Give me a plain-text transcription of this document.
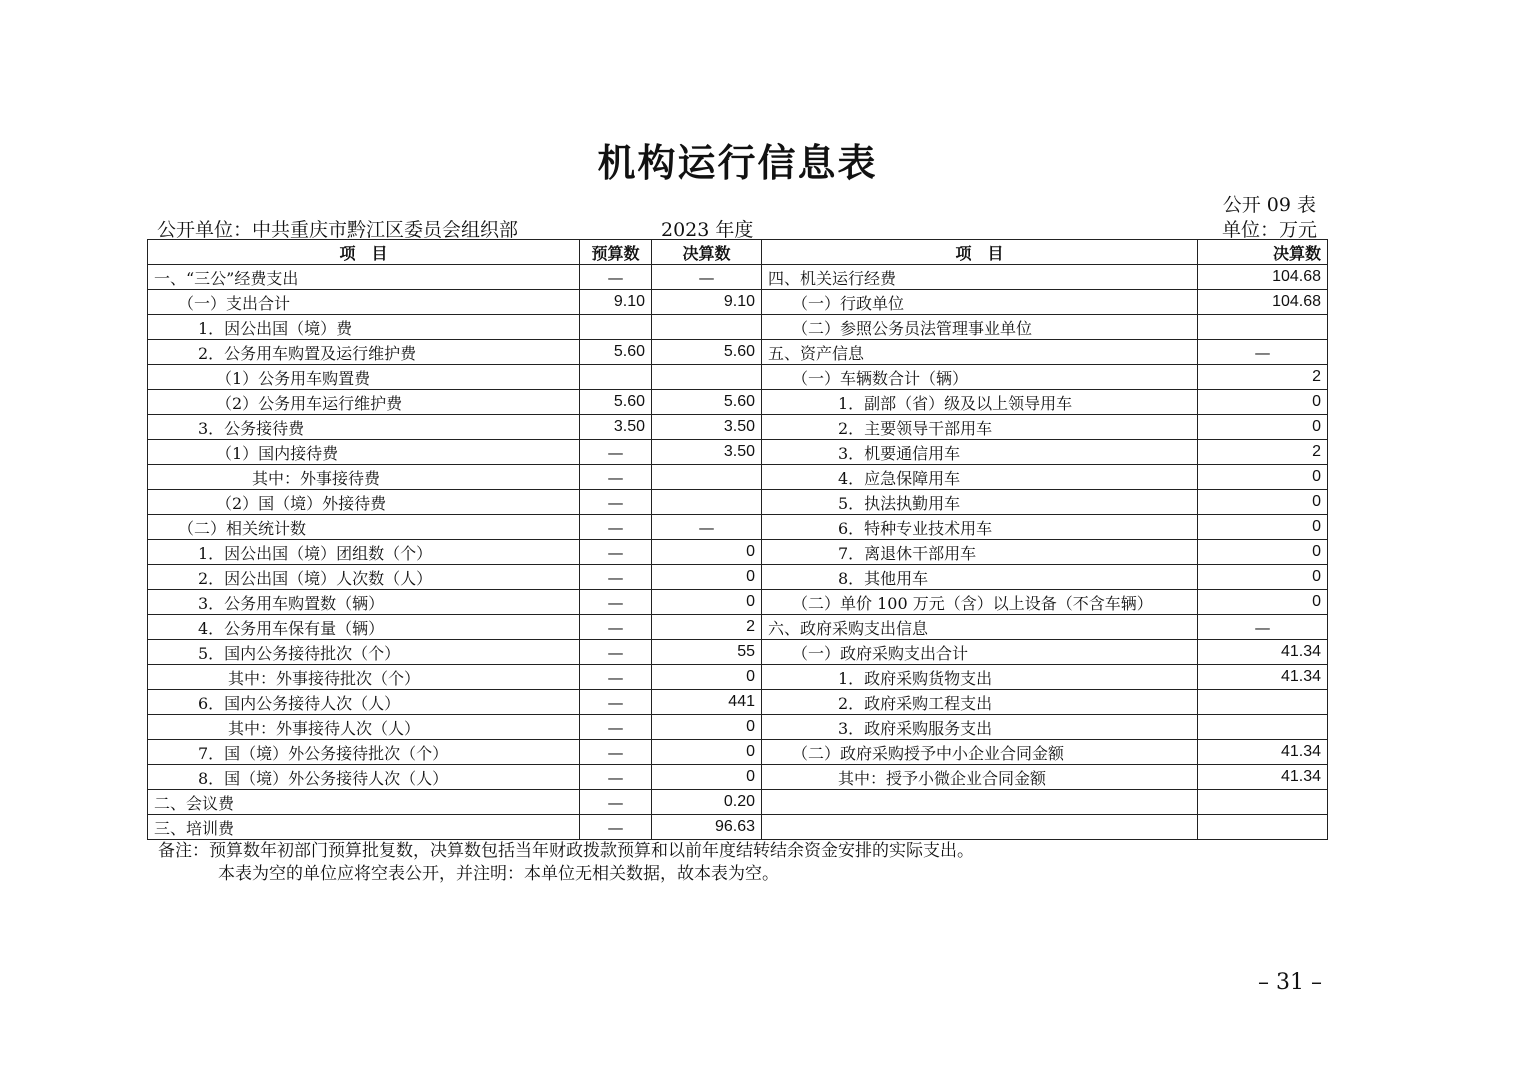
机构运行信息表
公开 09 表
公开单位：中共重庆市黔江区委员会组织部	2023 年度	单位：万元
项　目	预算数	决算数	项　目	决算数
一、“三公”经费支出	—	—	四、机关运行经费	104.68
（一）支出合计	9.10	9.10	（一）行政单位	104.68
1．因公出国（境）费			（二）参照公务员法管理事业单位	
2．公务用车购置及运行维护费	5.60	5.60	五、资产信息	—
（1）公务用车购置费			（一）车辆数合计（辆）	2
（2）公务用车运行维护费	5.60	5.60	1．副部（省）级及以上领导用车	0
3．公务接待费	3.50	3.50	2．主要领导干部用车	0
（1）国内接待费	—	3.50	3．机要通信用车	2
其中：外事接待费	—		4．应急保障用车	0
（2）国（境）外接待费	—		5．执法执勤用车	0
（二）相关统计数	—	—	6．特种专业技术用车	0
1．因公出国（境）团组数（个）	—	0	7．离退休干部用车	0
2．因公出国（境）人次数（人）	—	0	8．其他用车	0
3．公务用车购置数（辆）	—	0	（二）单价 100 万元（含）以上设备（不含车辆）	0
4．公务用车保有量（辆）	—	2	六、政府采购支出信息	—
5．国内公务接待批次（个）	—	55	（一）政府采购支出合计	41.34
其中：外事接待批次（个）	—	0	1．政府采购货物支出	41.34
6．国内公务接待人次（人）	—	441	2．政府采购工程支出	
其中：外事接待人次（人）	—	0	3．政府采购服务支出	
7．国（境）外公务接待批次（个）	—	0	（二）政府采购授予中小企业合同金额	41.34
8．国（境）外公务接待人次（人）	—	0	其中：授予小微企业合同金额	41.34
二、会议费	—	0.20		
三、培训费	—	96.63		
备注：预算数年初部门预算批复数，决算数包括当年财政拨款预算和以前年度结转结余资金安排的实际支出。
本表为空的单位应将空表公开，并注明：本单位无相关数据，故本表为空。
– 31 –
